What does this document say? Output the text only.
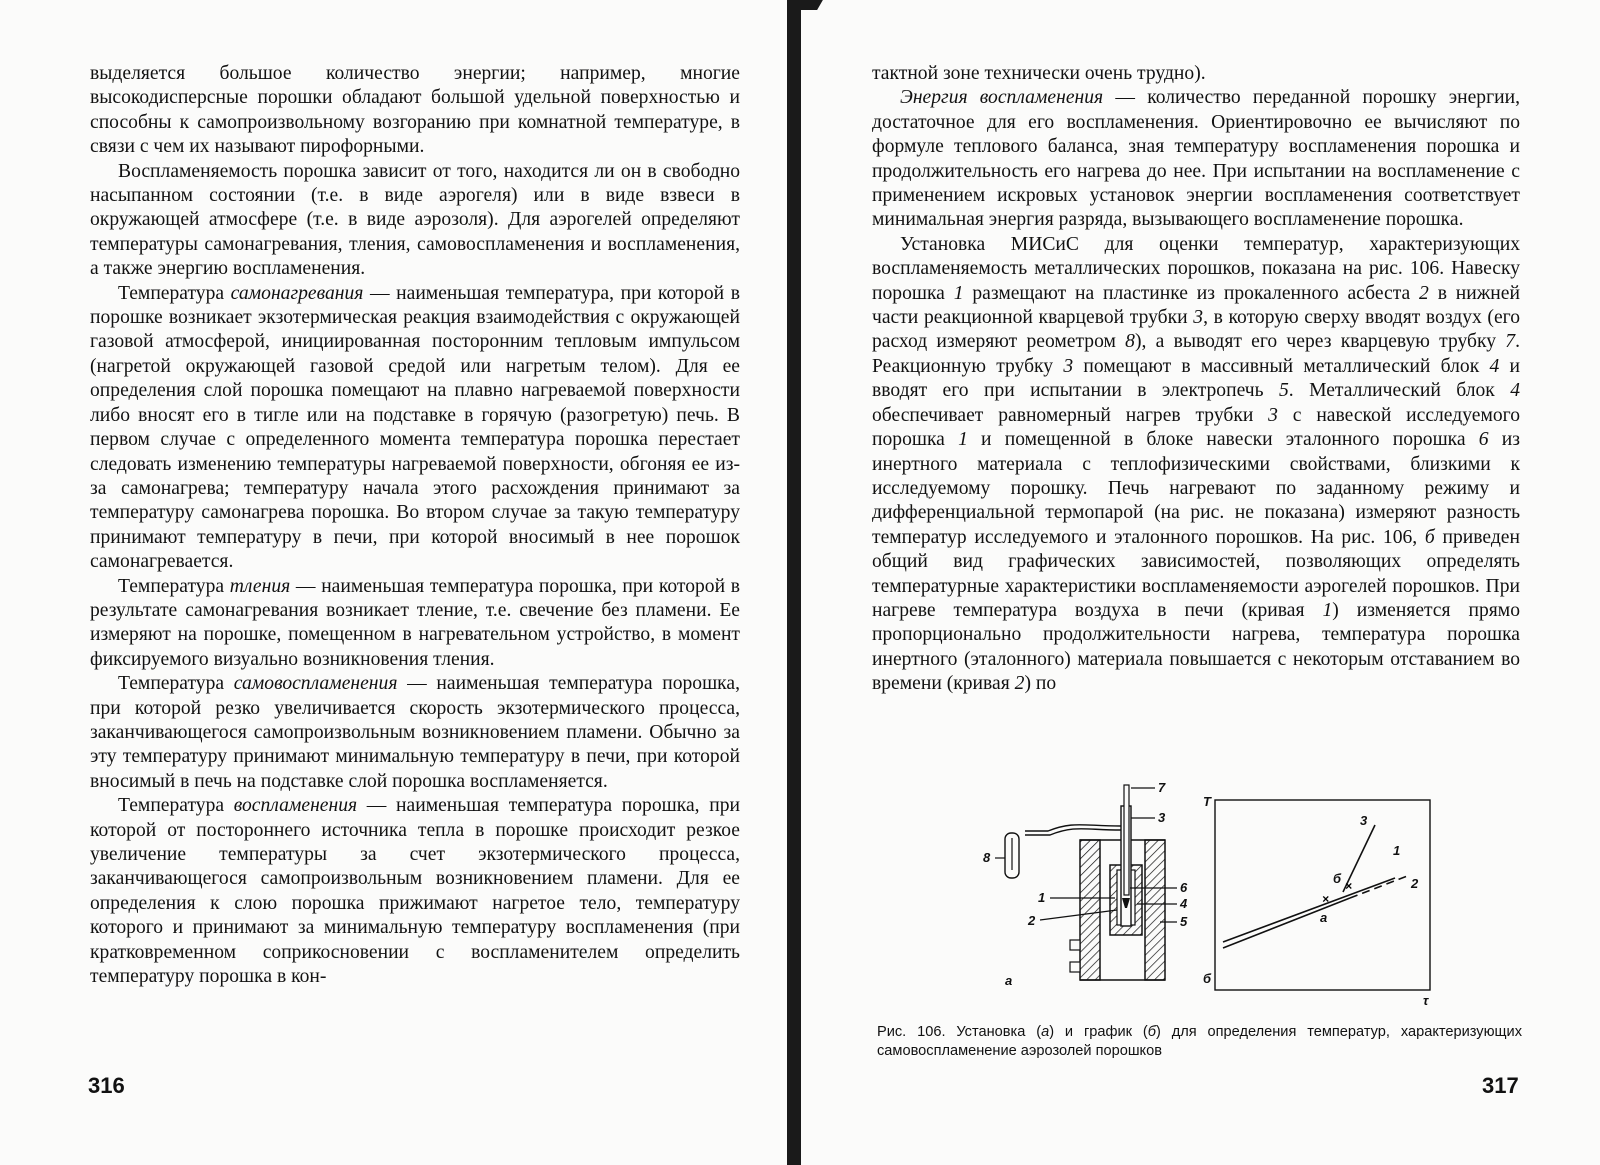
выделяется большое количество энергии; например, многие высокодисперсные порошки обладают большой удельной поверхностью и способны к самопроизвольному возгоранию при комнатной температуре, в связи с чем их называют пирофорными.

Воспламеняемость порошка зависит от того, находится ли он в свободно насыпанном состоянии (т.е. в виде аэрогеля) или в виде взвеси в окружающей атмосфере (т.е. в виде аэрозоля). Для аэрогелей определяют температуры самонагревания, тления, самовоспламенения и воспламенения, а также энергию воспламенения.

Температура самонагревания — наименьшая температура, при которой в порошке возникает экзотермическая реакция взаимодействия с окружающей газовой атмосферой, инициированная посторонним тепловым импульсом (нагретой окружающей газовой средой или нагретым телом). Для ее определения слой порошка помещают на плавно нагреваемой поверхности либо вносят его в тигле или на подставке в горячую (разогретую) печь. В первом случае с определенного момента температура порошка перестает следовать изменению температуры нагреваемой поверхности, обгоняя ее из-за самонагрева; температуру начала этого расхождения принимают за температуру самонагрева порошка. Во втором случае за такую температуру принимают температуру в печи, при которой вносимый в нее порошок самонагревается.

Температура тления — наименьшая температура порошка, при которой в результате самонагревания возникает тление, т.е. свечение без пламени. Ее измеряют на порошке, помещенном в нагревательном устройство, в момент фиксируемого визуально возникновения тления.

Температура самовоспламенения — наименьшая температура порошка, при которой резко увеличивается скорость экзотермического процесса, заканчивающегося самопроизвольным возникновением пламени. Обычно за эту температуру принимают минимальную температуру в печи, при которой вносимый в печь на подставке слой порошка воспламеняется.

Температура воспламенения — наименьшая температура порошка, при которой от постороннего источника тепла в порошке происходит резкое увеличение температуры за счет экзотермического процесса, заканчивающегося самопроизвольным возникновением пламени. Для ее определения к слою порошка прижимают нагретое тело, температуру которого и принимают за минимальную температуру воспламенения (при кратковременном соприкосновении с воспламенителем определить температуру порошка в кон-

тактной зоне технически очень трудно).

Энергия воспламенения — количество переданной порошку энергии, достаточное для его воспламенения. Ориентировочно ее вычисляют по формуле теплового баланса, зная температуру воспламенения порошка и продолжительность его нагрева до нее. При испытании на воспламенение с применением искровых установок энергии воспламенения соответствует минимальная энергия разряда, вызывающего воспламенение порошка.

Установка МИСиС для оценки температур, характеризующих воспламеняемость металлических порошков, показана на рис. 106. Навеску порошка 1 размещают на пластинке из прокаленного асбеста 2 в нижней части реакционной кварцевой трубки 3, в которую сверху вводят воздух (его расход измеряют реометром 8), а выводят его через кварцевую трубку 7. Реакционную трубку 3 помещают в массивный металлический блок 4 и вводят его при испытании в электропечь 5. Металлический блок 4 обеспечивает равномерный нагрев трубки 3 с навеской исследуемого порошка 1 и помещенной в блоке навески эталонного порошка 6 из инертного материала с теплофизическими свойствами, близкими к исследуемому порошку. Печь нагревают по заданному режиму и дифференциальной термопарой (на рис. не показана) измеряют разность температур исследуемого и эталонного порошков. На рис. 106, б приведен общий вид графических зависимостей, позволяющих определять температурные характеристики воспламеняемости аэрогелей порошков. При нагреве температура воздуха в печи (кривая 1) изменяется прямо пропорционально продолжительности нагрева, температура порошка инертного (эталонного) материала повышается с некоторым отставанием во времени (кривая 2) по

316	317
7
3
8
1
2
6
4
5
а
×
×
T
τ
б
1
2
3
а
б
Рис. 106. Установка (а) и график (б) для определения температур, характеризующих самовоспламенение аэрозолей порошков
